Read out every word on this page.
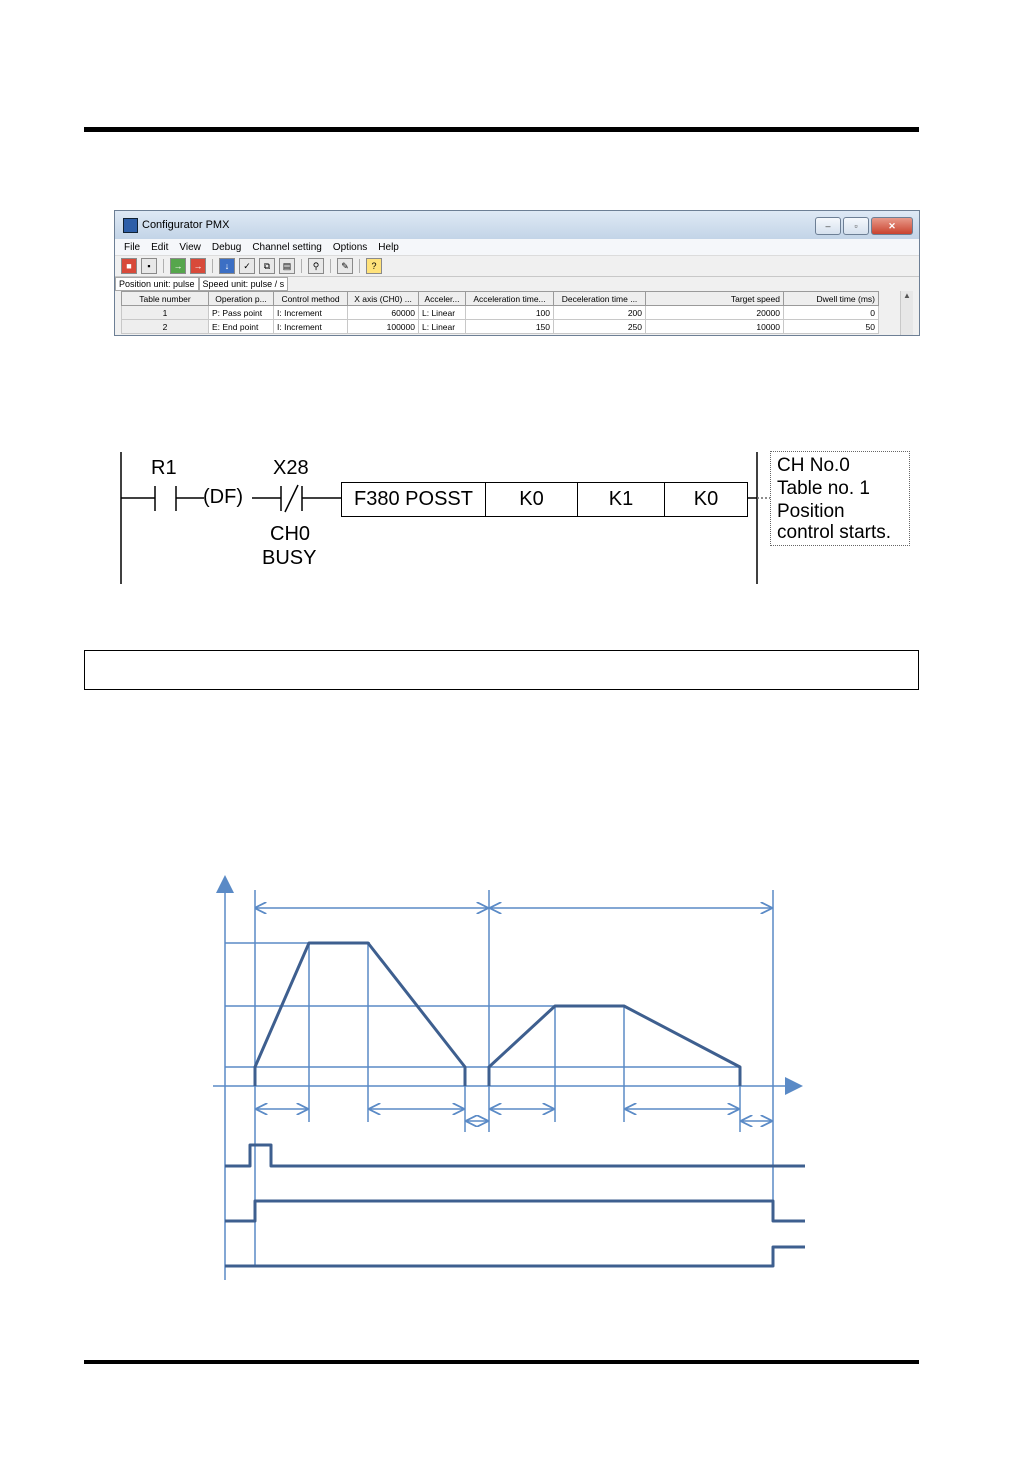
Configurator PMX	–	▫	✕
File Edit View Debug Channel setting Options Help
■	▪	→	→	↓	✓	⧉	▤	⚲	✎	?
Position unit: pulse Speed unit: pulse / s
Table number	Operation p...	Control method	X axis (CH0) ...	Acceler...	Acceleration time...	Deceleration time ...	Target speed	Dwell time (ms)
1	P: Pass point	I: Increment	60000	L: Linear	100	200	20000	0
2	E: End point	I: Increment	100000	L: Linear	150	250	10000	50
▲
R1
(DF)
X28
CH0
BUSY
F380 POSST	K0	K1	K0
CH No.0
Table no. 1
Position
control starts.
